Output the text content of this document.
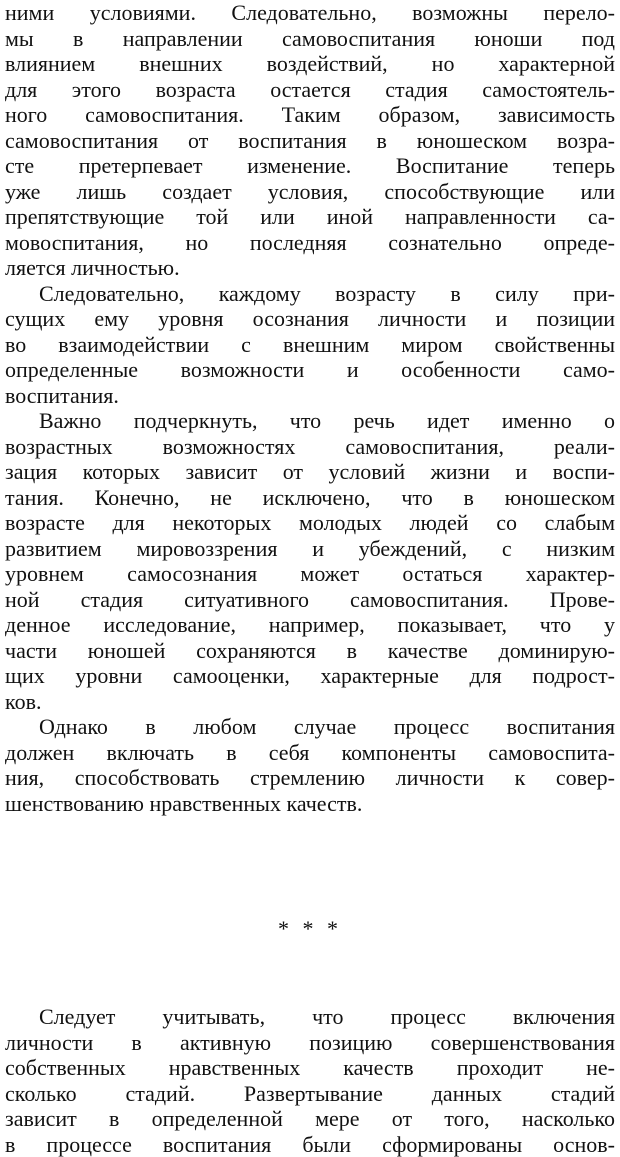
ними условиями. Следовательно, возможны перело-
мы в направлении самовоспитания юноши под
влиянием внешних воздействий, но характерной
для этого возраста остается стадия самостоятель-
ного самовоспитания. Таким образом, зависимость
самовоспитания от воспитания в юношеском возра-
сте претерпевает изменение. Воспитание теперь
уже лишь создает условия, способствующие или
препятствующие той или иной направленности са-
мовоспитания, но последняя сознательно опреде-
ляется личностью.
Следовательно, каждому возрасту в силу при-
сущих ему уровня осознания личности и позиции
во взаимодействии с внешним миром свойственны
определенные возможности и особенности само-
воспитания.
Важно подчеркнуть, что речь идет именно о
возрастных возможностях самовоспитания, реали-
зация которых зависит от условий жизни и воспи-
тания. Конечно, не исключено, что в юношеском
возрасте для некоторых молодых людей со слабым
развитием мировоззрения и убеждений, с низким
уровнем самосознания может остаться характер-
ной стадия ситуативного самовоспитания. Прове-
денное исследование, например, показывает, что у
части юношей сохраняются в качестве доминирую-
щих уровни самооценки, характерные для подрост-
ков.
Однако в любом случае процесс воспитания
должен включать в себя компоненты самовоспита-
ния, способствовать стремлению личности к совер-
шенствованию нравственных качеств.
* * *
Следует учитывать, что процесс включения
личности в активную позицию совершенствования
собственных нравственных качеств проходит не-
сколько стадий. Развертывание данных стадий
зависит в определенной мере от того, насколько
в процессе воспитания были сформированы основ-
